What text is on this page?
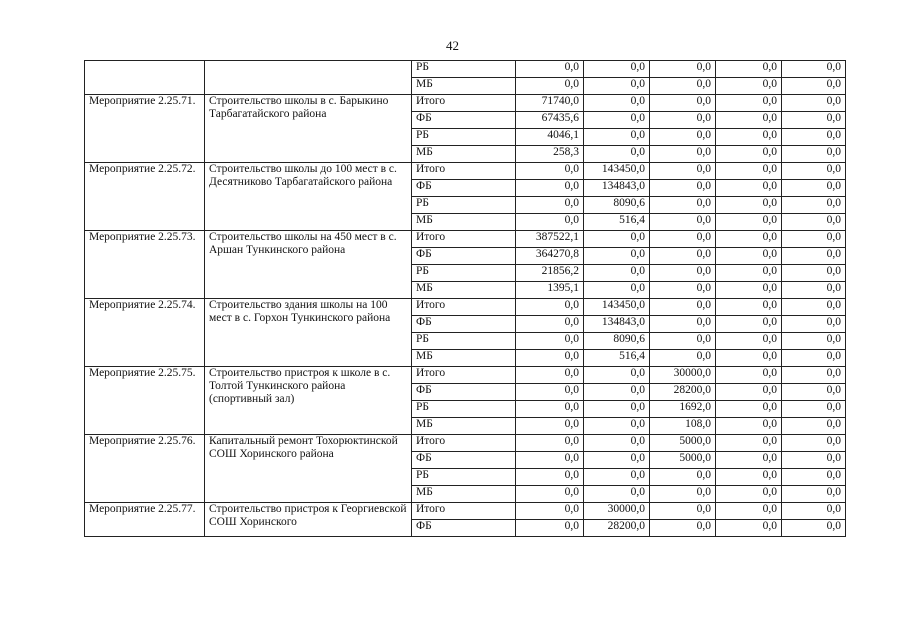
42
		РБ	0,0	0,0	0,0	0,0	0,0
		МБ	0,0	0,0	0,0	0,0	0,0
Мероприятие 2.25.71.	Строительство школы в с. Барыкино Тарбагатайского района	Итого	71740,0	0,0	0,0	0,0	0,0
		ФБ	67435,6	0,0	0,0	0,0	0,0
		РБ	4046,1	0,0	0,0	0,0	0,0
		МБ	258,3	0,0	0,0	0,0	0,0
Мероприятие 2.25.72.	Строительство школы до 100 мест в с. Десятниково Тарбагатайского района	Итого	0,0	143450,0	0,0	0,0	0,0
		ФБ	0,0	134843,0	0,0	0,0	0,0
		РБ	0,0	8090,6	0,0	0,0	0,0
		МБ	0,0	516,4	0,0	0,0	0,0
Мероприятие 2.25.73.	Строительство школы на 450 мест в с. Аршан Тункинского района	Итого	387522,1	0,0	0,0	0,0	0,0
		ФБ	364270,8	0,0	0,0	0,0	0,0
		РБ	21856,2	0,0	0,0	0,0	0,0
		МБ	1395,1	0,0	0,0	0,0	0,0
Мероприятие 2.25.74.	Строительство здания школы на 100 мест в с. Горхон Тункинского района	Итого	0,0	143450,0	0,0	0,0	0,0
		ФБ	0,0	134843,0	0,0	0,0	0,0
		РБ	0,0	8090,6	0,0	0,0	0,0
		МБ	0,0	516,4	0,0	0,0	0,0
Мероприятие 2.25.75.	Строительство пристроя к школе в с. Толтой Тункинского района (спортивный зал)	Итого	0,0	0,0	30000,0	0,0	0,0
		ФБ	0,0	0,0	28200,0	0,0	0,0
		РБ	0,0	0,0	1692,0	0,0	0,0
		МБ	0,0	0,0	108,0	0,0	0,0
Мероприятие 2.25.76.	Капитальный ремонт Тохорюктинской СОШ Хоринского района	Итого	0,0	0,0	5000,0	0,0	0,0
		ФБ	0,0	0,0	5000,0	0,0	0,0
		РБ	0,0	0,0	0,0	0,0	0,0
		МБ	0,0	0,0	0,0	0,0	0,0
Мероприятие 2.25.77.	Строительство пристроя к Георгиевской СОШ Хоринского	Итого	0,0	30000,0	0,0	0,0	0,0
		ФБ	0,0	28200,0	0,0	0,0	0,0
